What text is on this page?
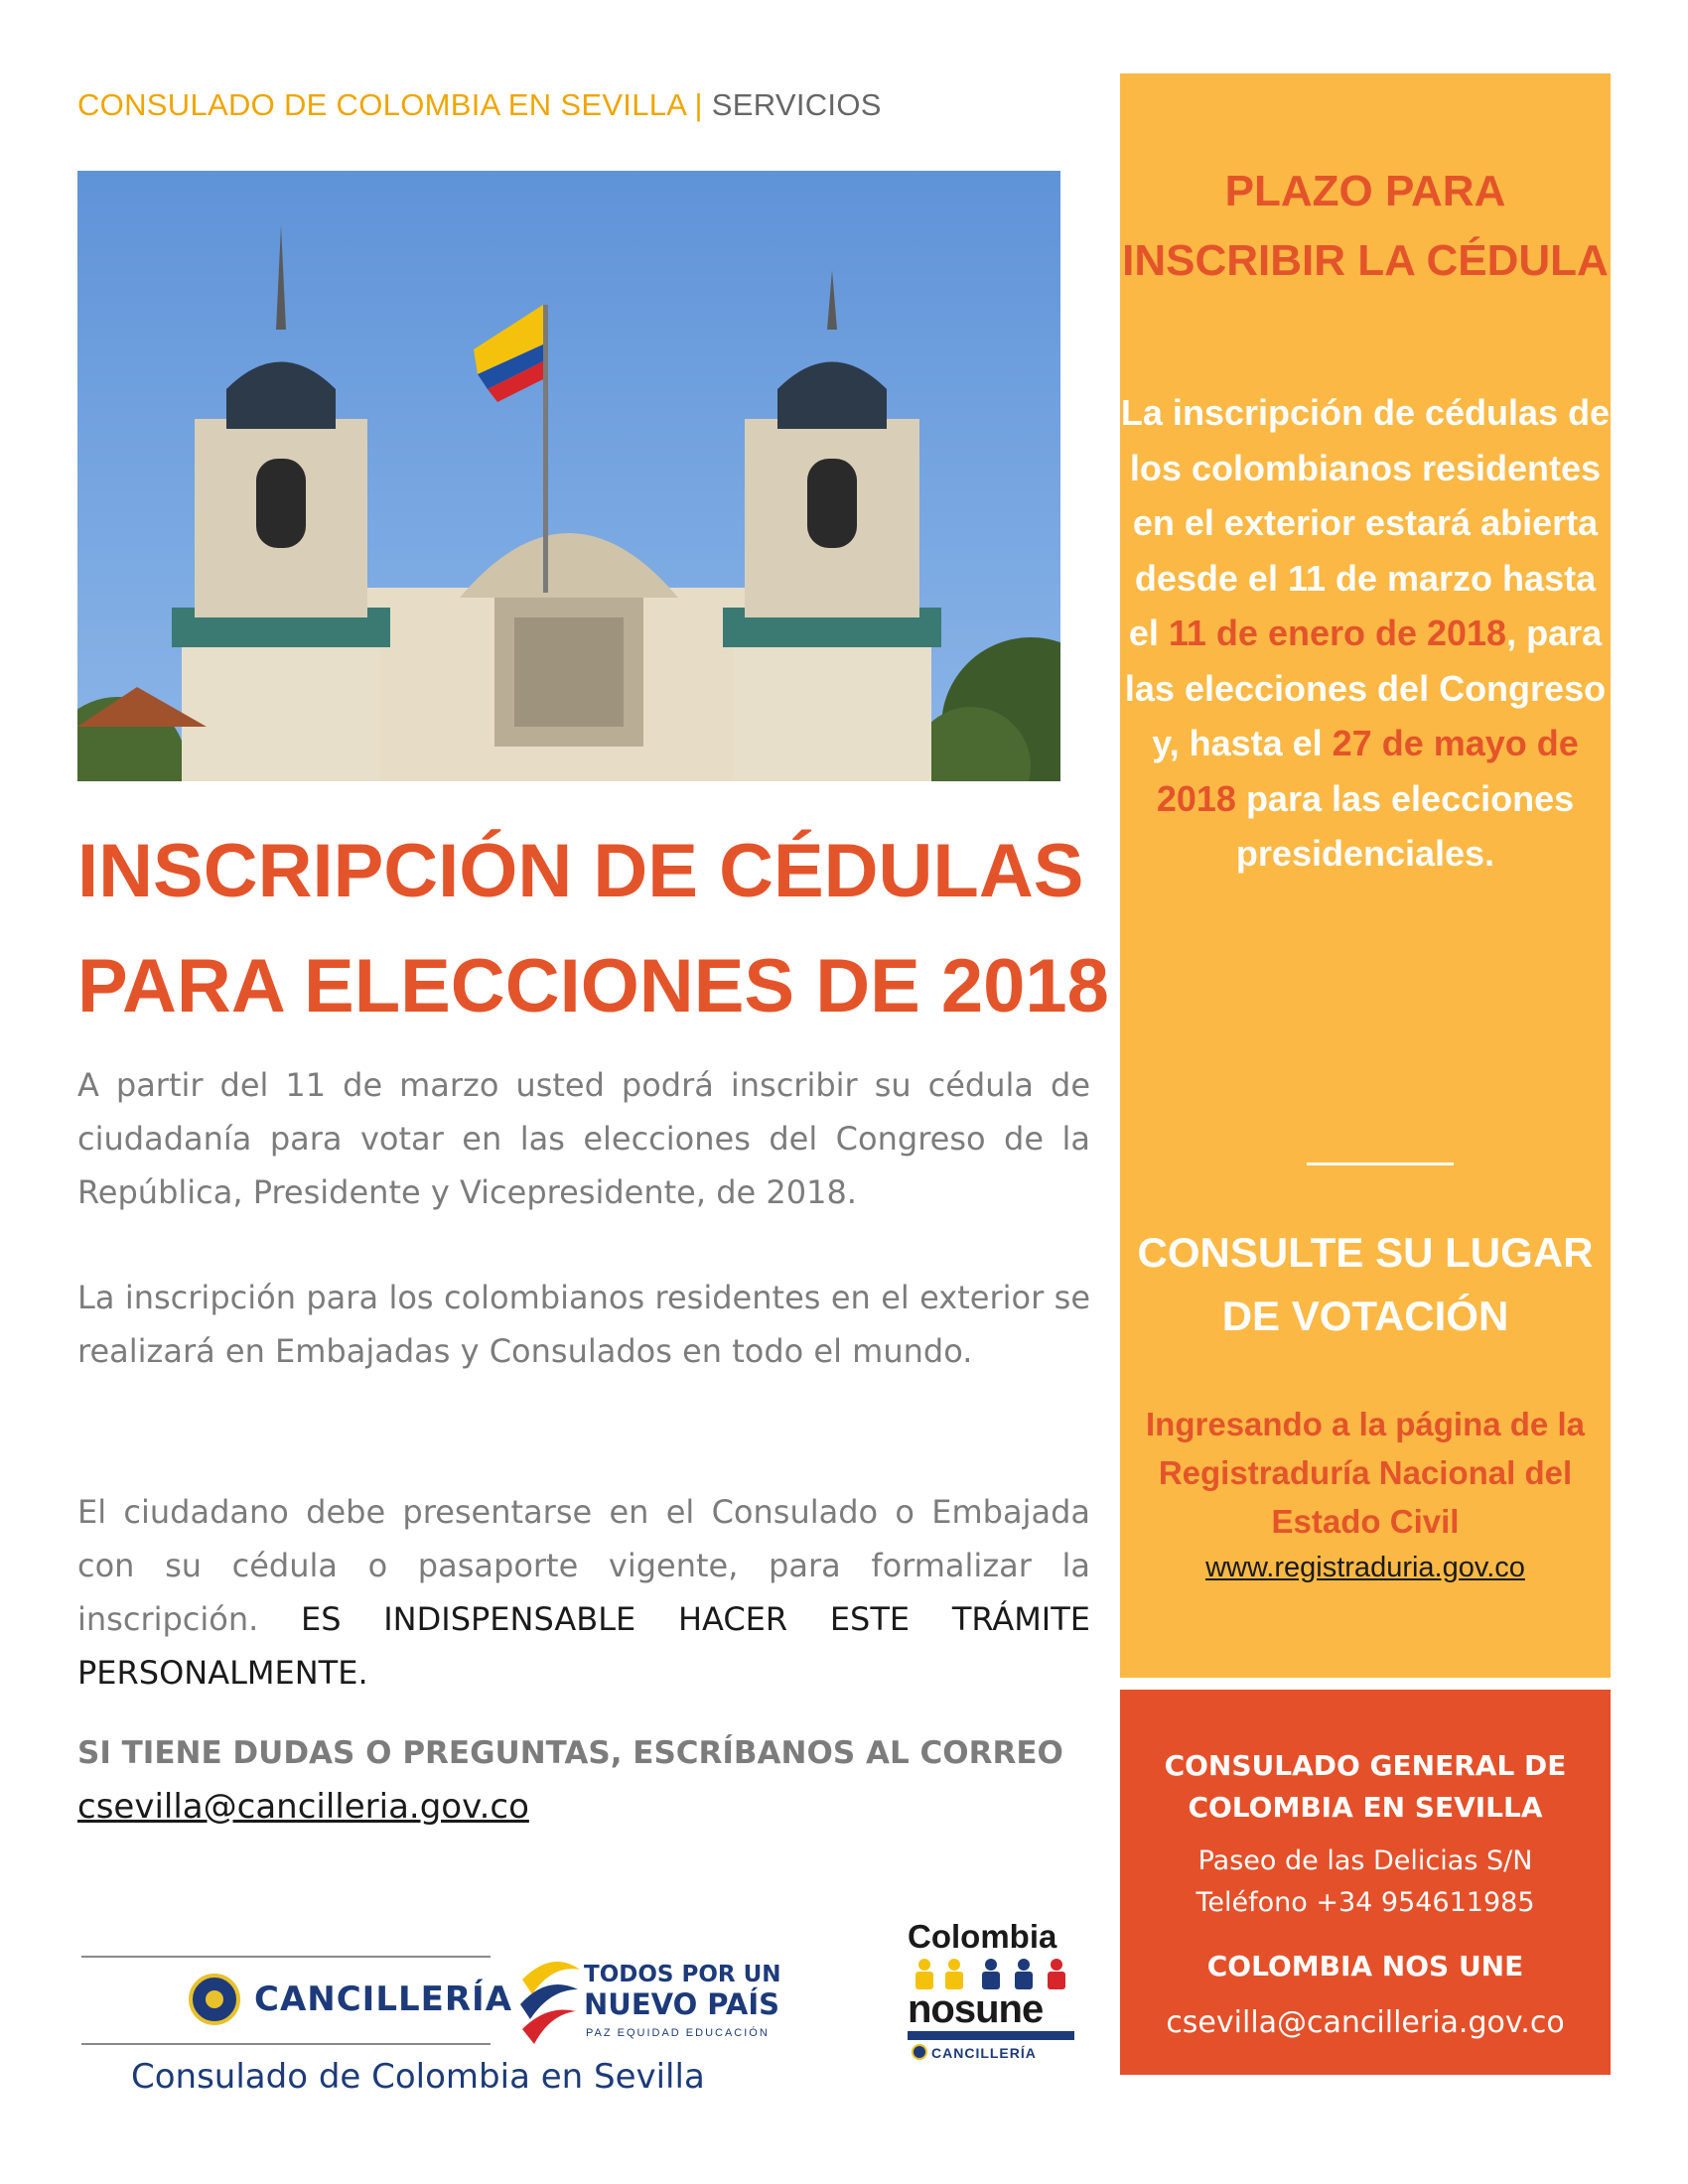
CONSULADO DE COLOMBIA EN SEVILLA | SERVICIOS
INSCRIPCIÓN DE CÉDULAS
PARA ELECCIONES DE 2018

A partir del 11 de marzo usted podrá inscribir su cédula de ciudadanía para votar en las elecciones del Congreso de la República, Presidente y Vicepresidente, de 2018.

La inscripción para los colombianos residentes en el exterior se realizará en Embajadas y Consulados en todo el mundo.

El ciudadano debe presentarse en el Consulado o Embajada con su cédula o pasaporte vigente, para formalizar la inscripción. ES INDISPENSABLE HACER ESTE TRÁMITE PERSONALMENTE.

SI TIENE DUDAS O PREGUNTAS, ESCRÍBANOS AL CORREO
csevilla@cancilleria.gov.co
CANCILLERÍA
Consulado de Colombia en Sevilla
TODOS POR UN
NUEVO PAÍS
PAZ EQUIDAD EDUCACIÓN
Colombia
nosune
CANCILLERÍA
PLAZO PARA INSCRIBIR LA CÉDULA
La inscripción de cédulas de los colombianos residentes en el exterior estará abierta desde el 11 de marzo hasta el 11 de enero de 2018, para las elecciones del Congreso y, hasta el 27 de mayo de 2018 para las elecciones presidenciales.
CONSULTE SU LUGAR DE VOTACIÓN
Ingresando a la página de la Registraduría Nacional del Estado Civil
www.registraduria.gov.co
CONSULADO GENERAL DE COLOMBIA EN SEVILLA
Paseo de las Delicias S/N
Teléfono +34 954611985
COLOMBIA NOS UNE
csevilla@cancilleria.gov.co
